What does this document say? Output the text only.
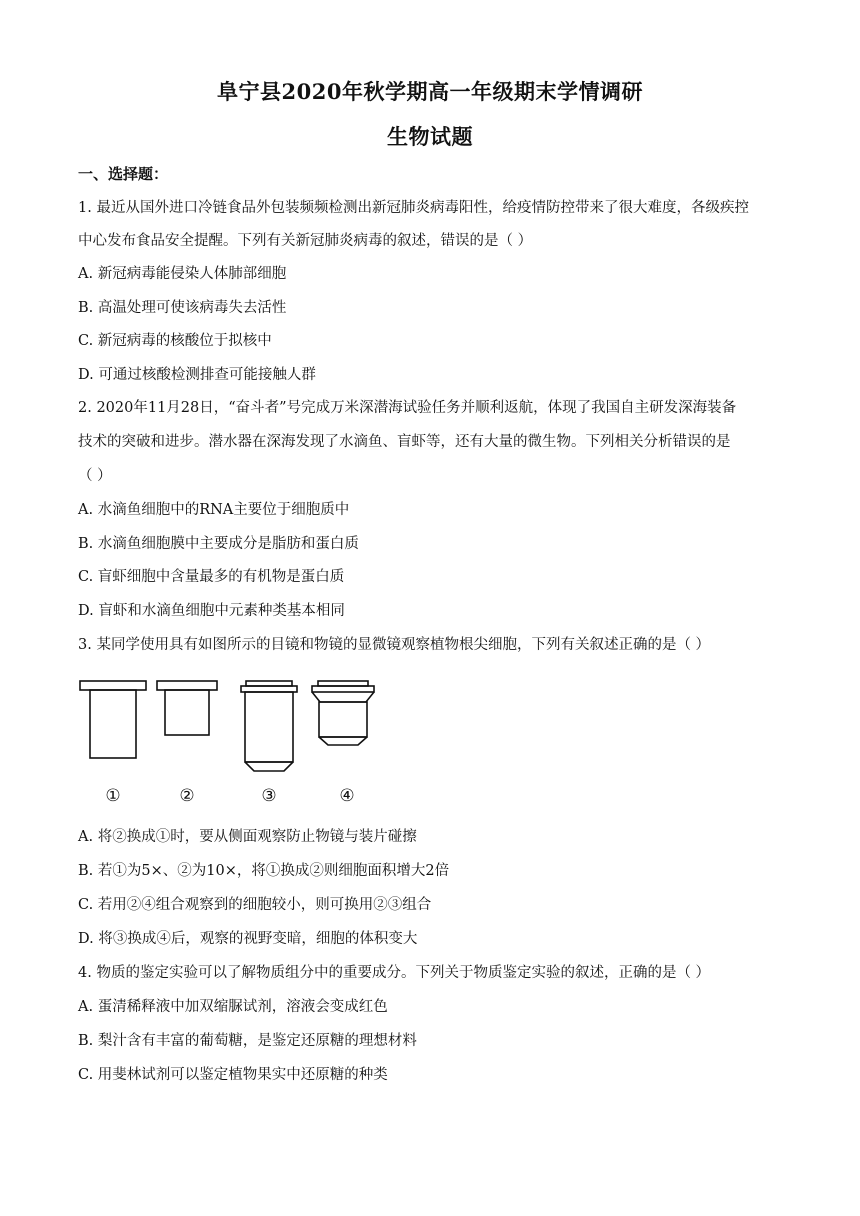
阜宁县2020年秋学期高一年级期末学情调研
生物试题
一、选择题：
1. 最近从国外进口冷链食品外包装频频检测出新冠肺炎病毒阳性，给疫情防控带来了很大难度，各级疾控
中心发布食品安全提醒。下列有关新冠肺炎病毒的叙述，错误的是（ ）
A. 新冠病毒能侵染人体肺部细胞
B. 高温处理可使该病毒失去活性
C. 新冠病毒的核酸位于拟核中
D. 可通过核酸检测排查可能接触人群
2. 2020年11月28日，“奋斗者”号完成万米深潜海试验任务并顺利返航，体现了我国自主研发深海装备
技术的突破和进步。潜水器在深海发现了水滴鱼、盲虾等，还有大量的微生物。下列相关分析错误的是
（ ）
A. 水滴鱼细胞中的RNA主要位于细胞质中
B. 水滴鱼细胞膜中主要成分是脂肪和蛋白质
C. 盲虾细胞中含量最多的有机物是蛋白质
D. 盲虾和水滴鱼细胞中元素种类基本相同
3. 某同学使用具有如图所示的目镜和物镜的显微镜观察植物根尖细胞，下列有关叙述正确的是（ ）
①	②	③	④
A. 将②换成①时，要从侧面观察防止物镜与装片碰擦
B. 若①为5×、②为10×，将①换成②则细胞面积增大2倍
C. 若用②④组合观察到的细胞较小，则可换用②③组合
D. 将③换成④后，观察的视野变暗，细胞的体积变大
4. 物质的鉴定实验可以了解物质组分中的重要成分。下列关于物质鉴定实验的叙述，正确的是（ ）
A. 蛋清稀释液中加双缩脲试剂，溶液会变成红色
B. 梨汁含有丰富的葡萄糖，是鉴定还原糖的理想材料
C. 用斐林试剂可以鉴定植物果实中还原糖的种类
